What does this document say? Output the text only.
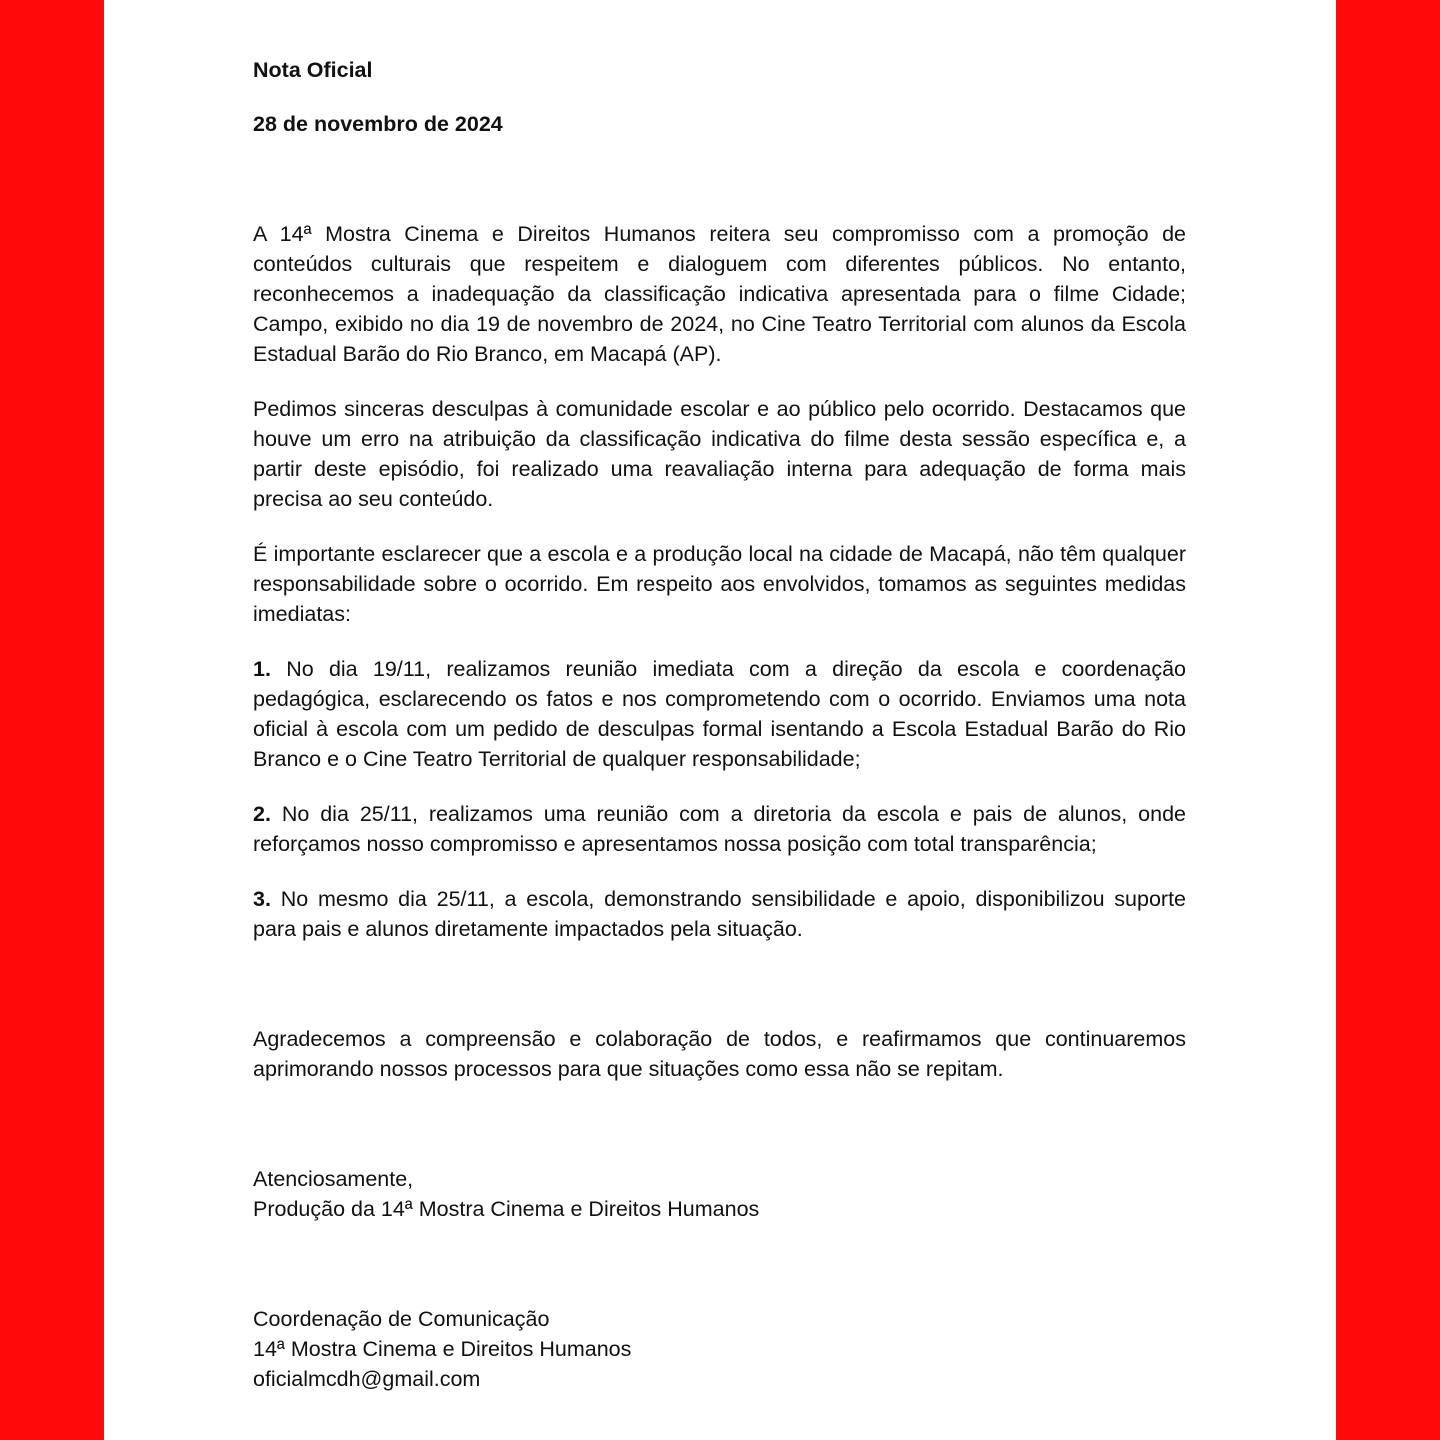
Nota Oficial

28 de novembro de 2024

A 14ª Mostra Cinema e Direitos Humanos reitera seu compromisso com a promoção de conteúdos culturais que respeitem e dialoguem com diferentes públicos. No entanto, reconhecemos a inadequação da classificação indicativa apresentada para o filme Cidade; Campo, exibido no dia 19 de novembro de 2024, no Cine Teatro Territorial com alunos da Escola Estadual Barão do Rio Branco, em Macapá (AP).

Pedimos sinceras desculpas à comunidade escolar e ao público pelo ocorrido. Destacamos que houve um erro na atribuição da classificação indicativa do filme desta sessão específica e, a partir deste episódio, foi realizado uma reavaliação interna para adequação de forma mais precisa ao seu conteúdo.

É importante esclarecer que a escola e a produção local na cidade de Macapá, não têm qualquer responsabilidade sobre o ocorrido. Em respeito aos envolvidos, tomamos as seguintes medidas imediatas:

1. No dia 19/11, realizamos reunião imediata com a direção da escola e coordenação pedagógica, esclarecendo os fatos e nos comprometendo com o ocorrido. Enviamos uma nota oficial à escola com um pedido de desculpas formal isentando a Escola Estadual Barão do Rio Branco e o Cine Teatro Territorial de qualquer responsabilidade;

2. No dia 25/11, realizamos uma reunião com a diretoria da escola e pais de alunos, onde reforçamos nosso compromisso e apresentamos nossa posição com total transparência;

3. No mesmo dia 25/11, a escola, demonstrando sensibilidade e apoio, disponibilizou suporte para pais e alunos diretamente impactados pela situação.

Agradecemos a compreensão e colaboração de todos, e reafirmamos que continuaremos aprimorando nossos processos para que situações como essa não se repitam.

Atenciosamente,
Produção da 14ª Mostra Cinema e Direitos Humanos
Coordenação de Comunicação
14ª Mostra Cinema e Direitos Humanos
oficialmcdh@gmail.com
